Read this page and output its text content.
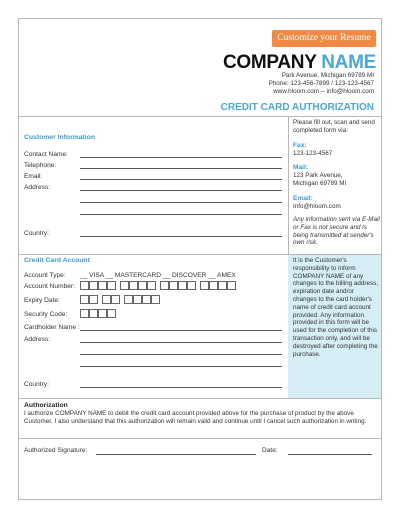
Customize your Resume
COMPANY NAME
Park Avenue, Michigan 69789 MI
Phone: 123-456-7899 / 123-123-4567
www.hloom.com -- info@hloom.com
CREDIT CARD AUTHORIZATION
Please fill out, scan and send completed form via:
Fax:
123-123-4567
Mail:
123 Park Avenue,
Michigan 69789 MI
Email:
Info@hloom.com
Any information sent via E-Mail or Fax is not secure and is being transmitted at sender's own risk.
Customer Information
Contact Name:
Telephone:
Email:
Address:
Country:
It is the Customer's responsibility to inform COMPANY NAME of any changes to the billing address, expiration date and/or changes to the card holder's name of credit card account provided. Any information provided in this form will be used for the completion of this transaction only, and will be destroyed after completing the purchase.
Credit Card Account
Account Type: __ VISA __ MASTERCARD __ DISCOVER __ AMEX
Account Number:
Expiry Date:
Security Code:
Cardholder Name :
Address:
Country:
Authorization
I authorize COMPANY NAME to debit the credit card account provided above for the purchase of product by the above Customer. I also understand that this authorization will remain valid and continue until I cancel such authorization in writing.
Authorized Signature:	Date:
